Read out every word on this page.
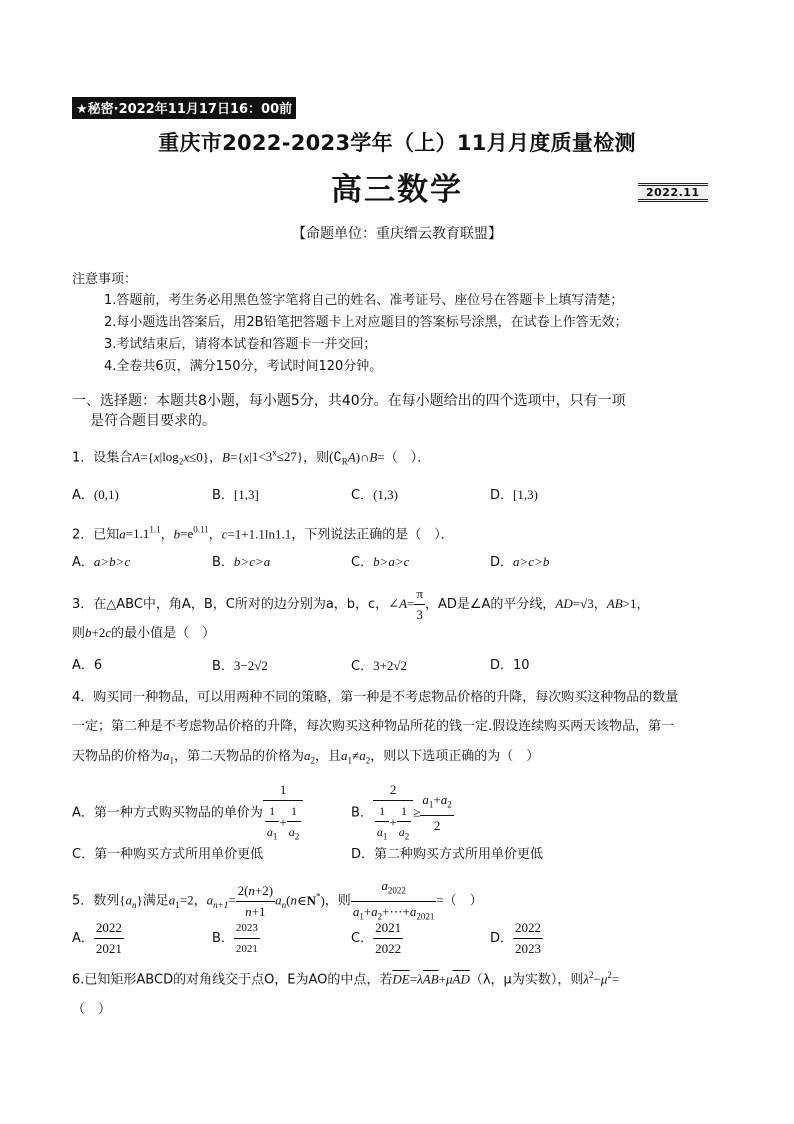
★秘密·2022年11月17日16：00前
重庆市2022-2023学年（上）11月月度质量检测
高三数学	2022.11
【命题单位：重庆缙云教育联盟】
注意事项：
1.答题前，考生务必用黑色签字笔将自己的姓名、准考证号、座位号在答题卡上填写清楚；
2.每小题选出答案后，用2B铅笔把答题卡上对应题目的答案标号涂黑，在试卷上作答无效；
3.考试结束后，请将本试卷和答题卡一并交回；
4.全卷共6页，满分150分，考试时间120分钟。
一、选择题：本题共8小题，每小题5分，共40分。在每小题给出的四个选项中，只有一项
是符合题目要求的。
1．设集合$A=\{x|\log_2x\le 0\}$，$B=\{x|1<3^x\le 27\}$，则$(∁_RA)\cap B=$（　）．
A．(0,1)	B．[1,3]	C．(1,3)	D．[1,3)
2．已知$a=1.1^{1.1}$，$b=e^{0.11}$，c=1+1.1ln1.1，下列说法正确的是（　）．
A．a>b>c	B．b>c>a	C．b>a>c	D．a>c>b
3．在△ABC中，角A，B，C所对的边分别为a，b，c，∠A= $\frac{\pi}{3}$ ，AD是∠A的平分线，AD=√3，AB>1，
则b+2c的最小值是（　）
A．6	B．3−2√2	C．3+2√2	D．10
4．购买同一种物品，可以用两种不同的策略，第一种是不考虑物品价格的升降，每次购买这种物品的数量
一定；第二种是不考虑物品价格的升降，每次购买这种物品所花的钱一定.假设连续购买两天该物品，第一
天物品的价格为$a_1$，第二天物品的价格为$a_2$，且$a_1\ne a_2$，则以下选项正确的为（　）
A．第一种方式购买物品的单价为 $\frac{1}{\frac{1}{a_1} + \frac{1}{a_2}}$	B． $\frac{2}{\frac{1}{a_1} + \frac{1}{a_2}} \ge \frac{a_1+a_2}{2}$
C．第一种购买方式所用单价更低	D．第二种购买方式所用单价更低
5．数列$\{a_n\}$满足$a_1=2$，$a_{n+1}= \frac{2(n+2)}{n+1}$ $a_n(n\in N^*)$，则 $\frac{a_{2022}}{a_1+a_2+\cdots+a_{2021}}$ =（　）
A． $\frac{2022}{2021}$	B． $\frac{2023}{2021}$	C． $\frac{2021}{2022}$	D． $\frac{2022}{2023}$
6.已知矩形ABCD的对角线交于点O，E为AO的中点，若$\overline{DE}=\lambda\overline{AB}+\mu\overline{AD}(\lambda$，μ为实数），则$\lambda^2-\mu^2=$
（　）
